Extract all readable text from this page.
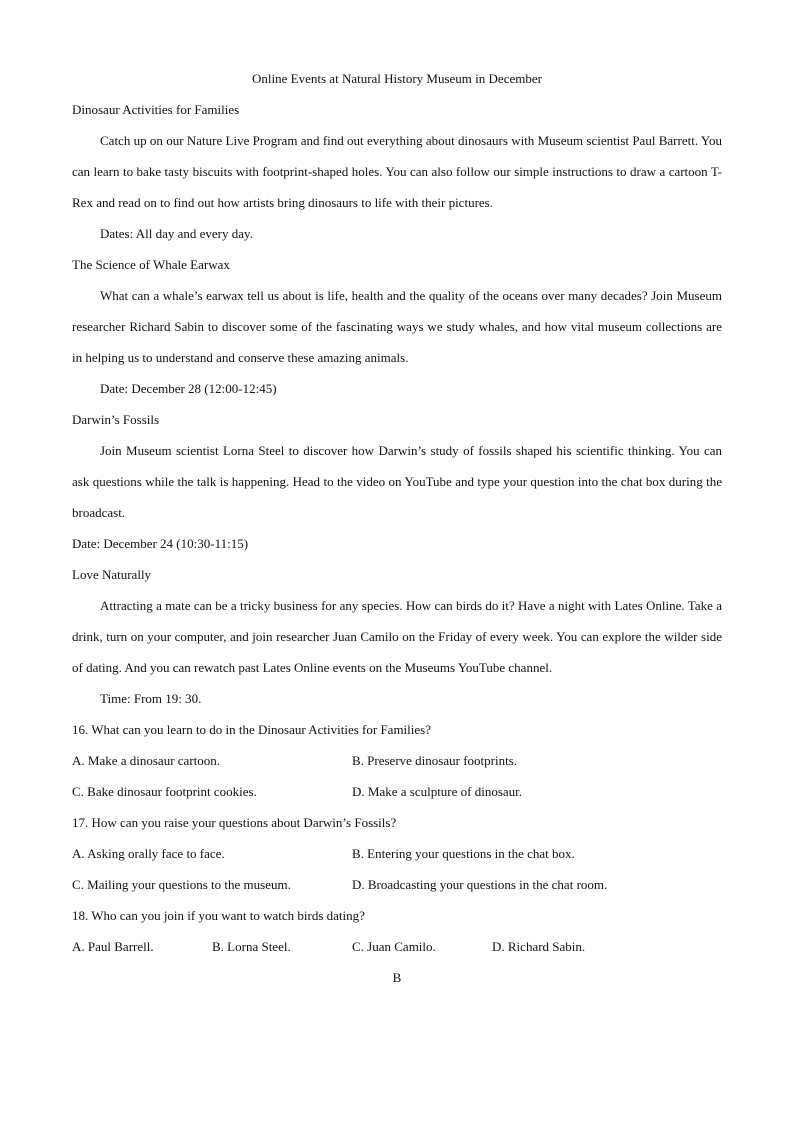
Online Events at Natural History Museum in December

Dinosaur Activities for Families

Catch up on our Nature Live Program and find out everything about dinosaurs with Museum scientist Paul Barrett. You can learn to bake tasty biscuits with footprint-shaped holes. You can also follow our simple instructions to draw a cartoon T-Rex and read on to find out how artists bring dinosaurs to life with their pictures.

Dates: All day and every day.

The Science of Whale Earwax

What can a whale’s earwax tell us about is life, health and the quality of the oceans over many decades? Join Museum researcher Richard Sabin to discover some of the fascinating ways we study whales, and how vital museum collections are in helping us to understand and conserve these amazing animals.

Date: December 28 (12:00-12:45)

Darwin’s Fossils

Join Museum scientist Lorna Steel to discover how Darwin’s study of fossils shaped his scientific thinking. You can ask questions while the talk is happening. Head to the video on YouTube and type your question into the chat box during the broadcast.

Date: December 24 (10:30-11:15)

Love Naturally

Attracting a mate can be a tricky business for any species. How can birds do it? Have a night with Lates Online. Take a drink, turn on your computer, and join researcher Juan Camilo on the Friday of every week. You can explore the wilder side of dating. And you can rewatch past Lates Online events on the Museums YouTube channel.

Time: From 19: 30.

16. What can you learn to do in the Dinosaur Activities for Families?

A. Make a dinosaur cartoon.	B. Preserve dinosaur footprints.
C. Bake dinosaur footprint cookies.	D. Make a sculpture of dinosaur.

17. How can you raise your questions about Darwin’s Fossils?

A. Asking orally face to face.	B. Entering your questions in the chat box.
C. Mailing your questions to the museum.	D. Broadcasting your questions in the chat room.

18. Who can you join if you want to watch birds dating?

A. Paul Barrell.	B. Lorna Steel.	C. Juan Camilo.	D. Richard Sabin.

B
